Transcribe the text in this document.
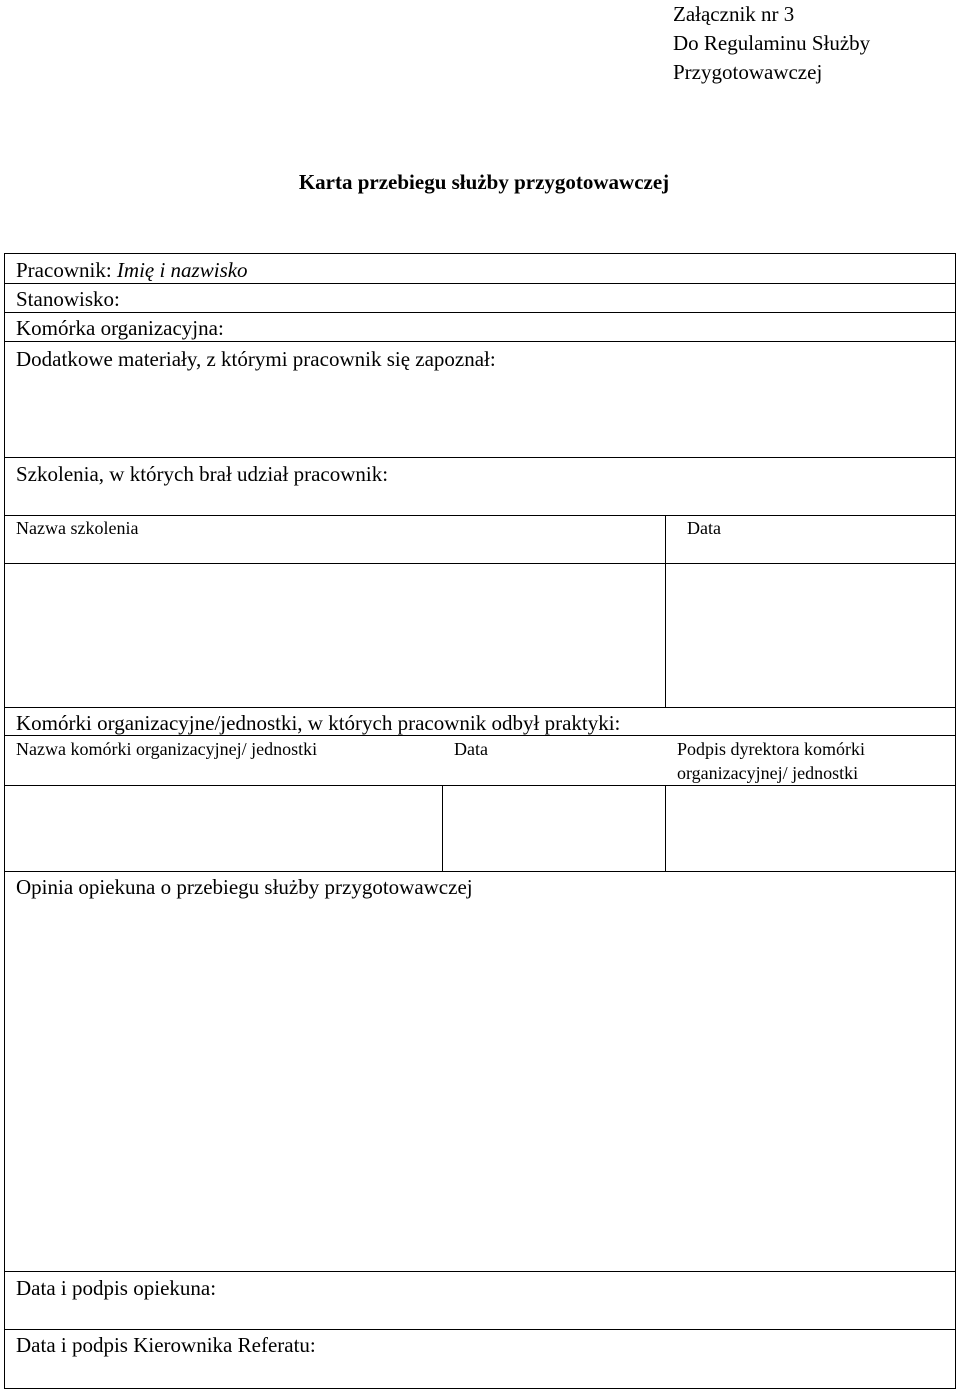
Załącznik nr 3
Do Regulaminu Służby
Przygotowawczej
Karta przebiegu służby przygotowawczej
Pracownik: Imię i nazwisko
Stanowisko:
Komórka organizacyjna:
Dodatkowe materiały, z którymi pracownik się zapoznał:
Szkolenia, w których brał udział pracownik:
Nazwa szkolenia	Data
Komórki organizacyjne/jednostki, w których pracownik odbył praktyki:
Nazwa komórki organizacyjnej/ jednostki	Data	Podpis dyrektora komórki
organizacyjnej/ jednostki
Opinia opiekuna o przebiegu służby przygotowawczej
Data i podpis opiekuna:
Data i podpis Kierownika Referatu:
